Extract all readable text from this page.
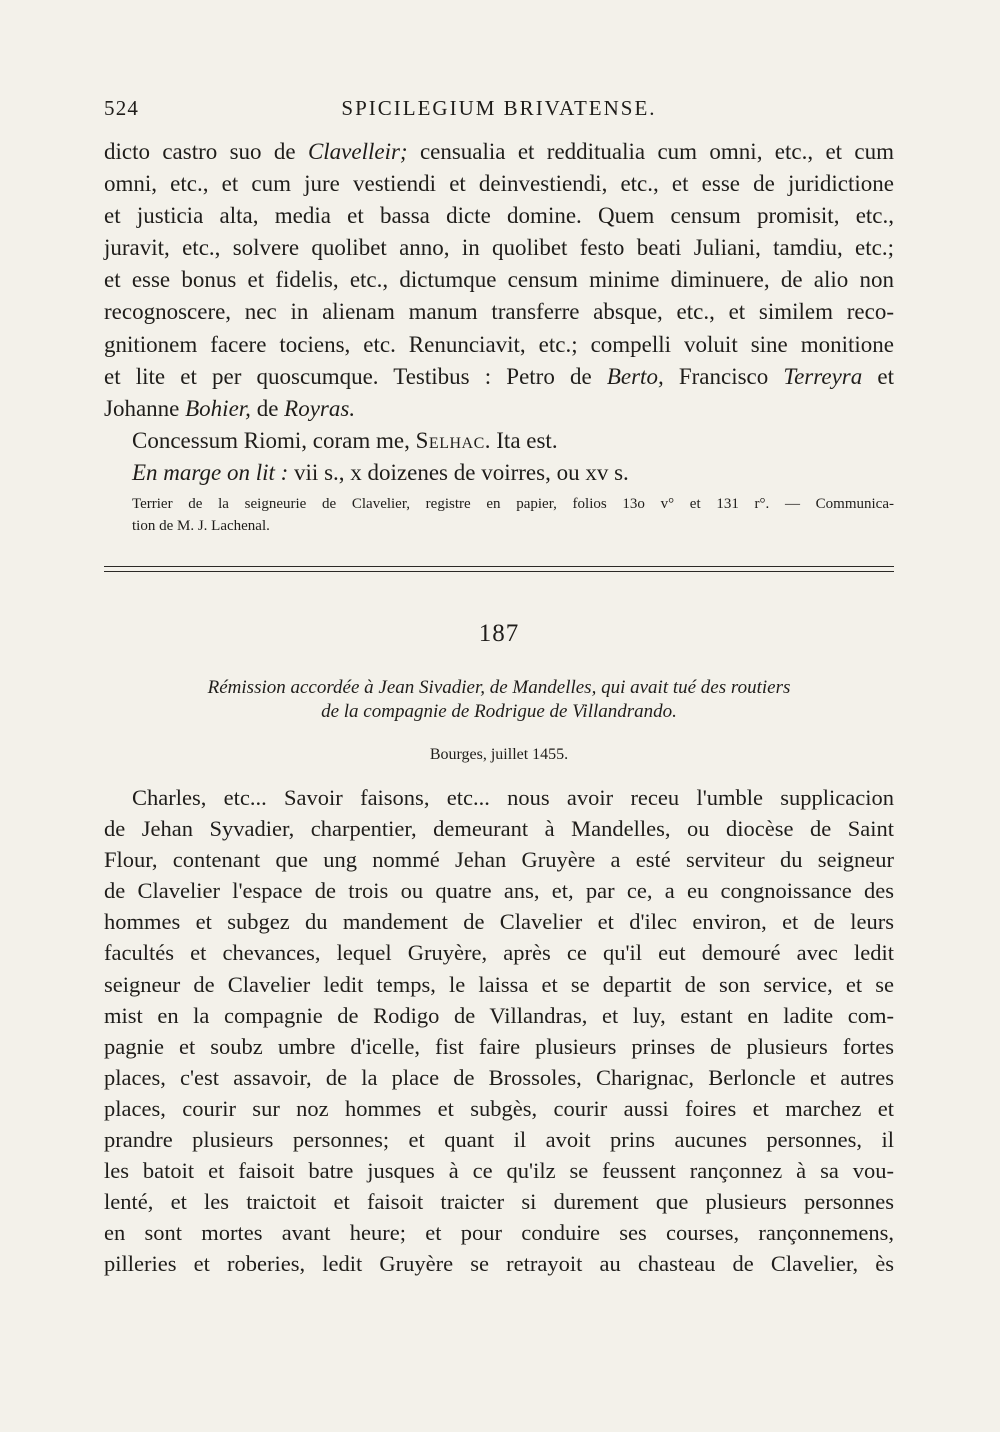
524	SPICILEGIUM BRIVATENSE.
dicto castro suo de Clavelleir; censualia et redditualia cum omni, etc., et cum
omni, etc., et cum jure vestiendi et deinvestiendi, etc., et esse de juridictione
et justicia alta, media et bassa dicte domine. Quem censum promisit, etc.,
juravit, etc., solvere quolibet anno, in quolibet festo beati Juliani, tamdiu, etc.;
et esse bonus et fidelis, etc., dictumque censum minime diminuere, de alio non
recognoscere, nec in alienam manum transferre absque, etc., et similem reco-
gnitionem facere tociens, etc. Renunciavit, etc.; compelli voluit sine monitione
et lite et per quoscumque. Testibus : Petro de Berto, Francisco Terreyra et
Johanne Bohier, de Royras.
Concessum Riomi, coram me, Selhac. Ita est.
En marge on lit : vii s., x doizenes de voirres, ou xv s.
Terrier de la seigneurie de Clavelier, registre en papier, folios 13o v° et 131 r°. — Communica-
tion de M. J. Lachenal.
187
Rémission accordée à Jean Sivadier, de Mandelles, qui avait tué des routiers
de la compagnie de Rodrigue de Villandrando.
Bourges, juillet 1455.
Charles, etc... Savoir faisons, etc... nous avoir receu l'umble supplicacion
de Jehan Syvadier, charpentier, demeurant à Mandelles, ou diocèse de Saint
Flour, contenant que ung nommé Jehan Gruyère a esté serviteur du seigneur
de Clavelier l'espace de trois ou quatre ans, et, par ce, a eu congnoissance des
hommes et subgez du mandement de Clavelier et d'ilec environ, et de leurs
facultés et chevances, lequel Gruyère, après ce qu'il eut demouré avec ledit
seigneur de Clavelier ledit temps, le laissa et se departit de son service, et se
mist en la compagnie de Rodigo de Villandras, et luy, estant en ladite com-
pagnie et soubz umbre d'icelle, fist faire plusieurs prinses de plusieurs fortes
places, c'est assavoir, de la place de Brossoles, Charignac, Berloncle et autres
places, courir sur noz hommes et subgès, courir aussi foires et marchez et
prandre plusieurs personnes; et quant il avoit prins aucunes personnes, il
les batoit et faisoit batre jusques à ce qu'ilz se feussent rançonnez à sa vou-
lenté, et les traictoit et faisoit traicter si durement que plusieurs personnes
en sont mortes avant heure; et pour conduire ses courses, rançonnemens,
pilleries et roberies, ledit Gruyère se retrayoit au chasteau de Clavelier, ès
